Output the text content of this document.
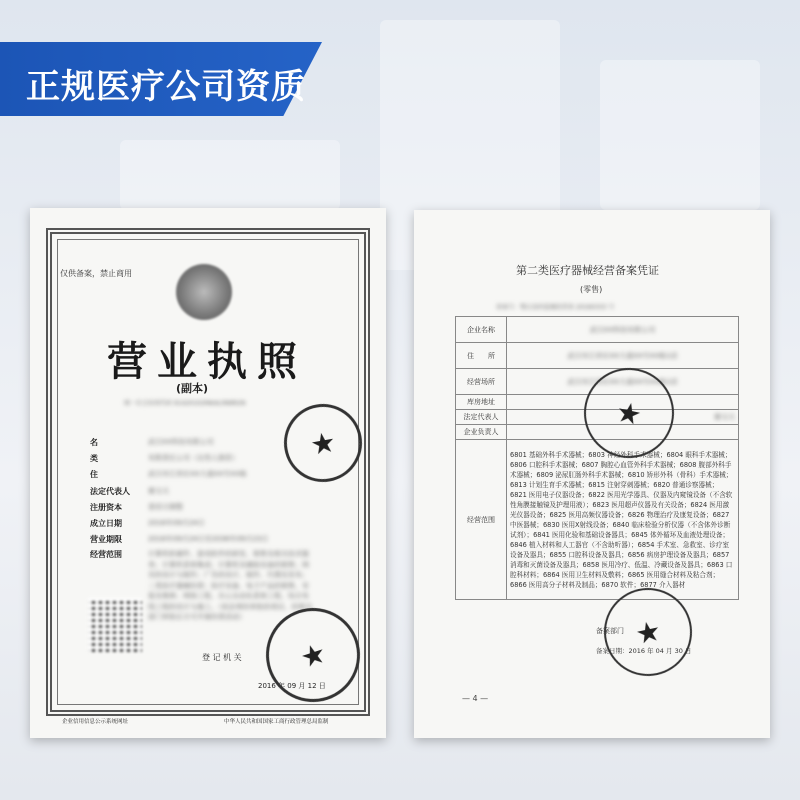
正规医疗公司资质
仅供备案，禁止商用
营业执照
(副本)
统一社会信用代码 91420102MA4L0N9R2N
名	武汉XX科技有限公司
类	有限责任公司（自然人独资）
住	武汉市江岸区XX大道XX号XX栋
法定代表人	谢文元
注册资本	壹佰万圆整
成立日期	2016年09月24日
营业期限	2016年09月24日至2036年09月23日
经营范围	计算机软硬件、游戏软件的研发、销售及相关技术服务；计算机系统集成；计算机及辅助设备的销售；网页的设计与制作；广告的设计、制作、代理及发布；二类医疗器械经营；医疗设备、电子产品的销售、安装及维修；网络工程、办公自动化系统工程、综合布线工程的设计与施工。（依法须经审批的项目，经相关部门审批后方可开展经营活动）
登 记 机 关
2016 年 09 月 12 日
企业信用信息公示系统网址	中华人民共和国国家工商行政管理总局监制
★
★
第二类医疗器械经营备案凭证
(零售)
备案号：鄂汉食药监械经营备 20160333 号
企业名称	武汉XX科技有限公司
住　　所	武汉市江岸区XX大道XX号XX栋1层
经营场所	武汉市江岸区XX大道XX号XX栋1层
库房地址	
法定代表人	谢文元
企业负责人	
经营范围	6801 基础外科手术器械；6803 神经外科手术器械；6804 眼科手术器械；6806 口腔科手术器械；6807 胸腔心血管外科手术器械；6808 腹部外科手术器械；6809 泌尿肛肠外科手术器械；6810 矫形外科（骨科）手术器械；6813 计划生育手术器械；6815 注射穿刺器械；6820 普通诊察器械；6821 医用电子仪器设备；6822 医用光学器具、仪器及内窥镜设备（不含软性角膜接触镜及护理用液）；6823 医用超声仪器及有关设备；6824 医用激光仪器设备；6825 医用高频仪器设备；6826 物理治疗及康复设备；6827 中医器械；6830 医用X射线设备；6840 临床检验分析仪器（不含体外诊断试剂）；6841 医用化验和基础设备器具；6845 体外循环及血液处理设备；6846 植入材料和人工器官（不含助听器）；6854 手术室、急救室、诊疗室设备及器具；6855 口腔科设备及器具；6856 病房护理设备及器具；6857 消毒和灭菌设备及器具；6858 医用冷疗、低温、冷藏设备及器具；6863 口腔科材料；6864 医用卫生材料及敷料；6865 医用缝合材料及粘合剂；6866 医用高分子材料及制品；6870 软件；6877 介入器材
备案部门
备案日期：2016 年 04 月 30 日
— 4 —
★
★
